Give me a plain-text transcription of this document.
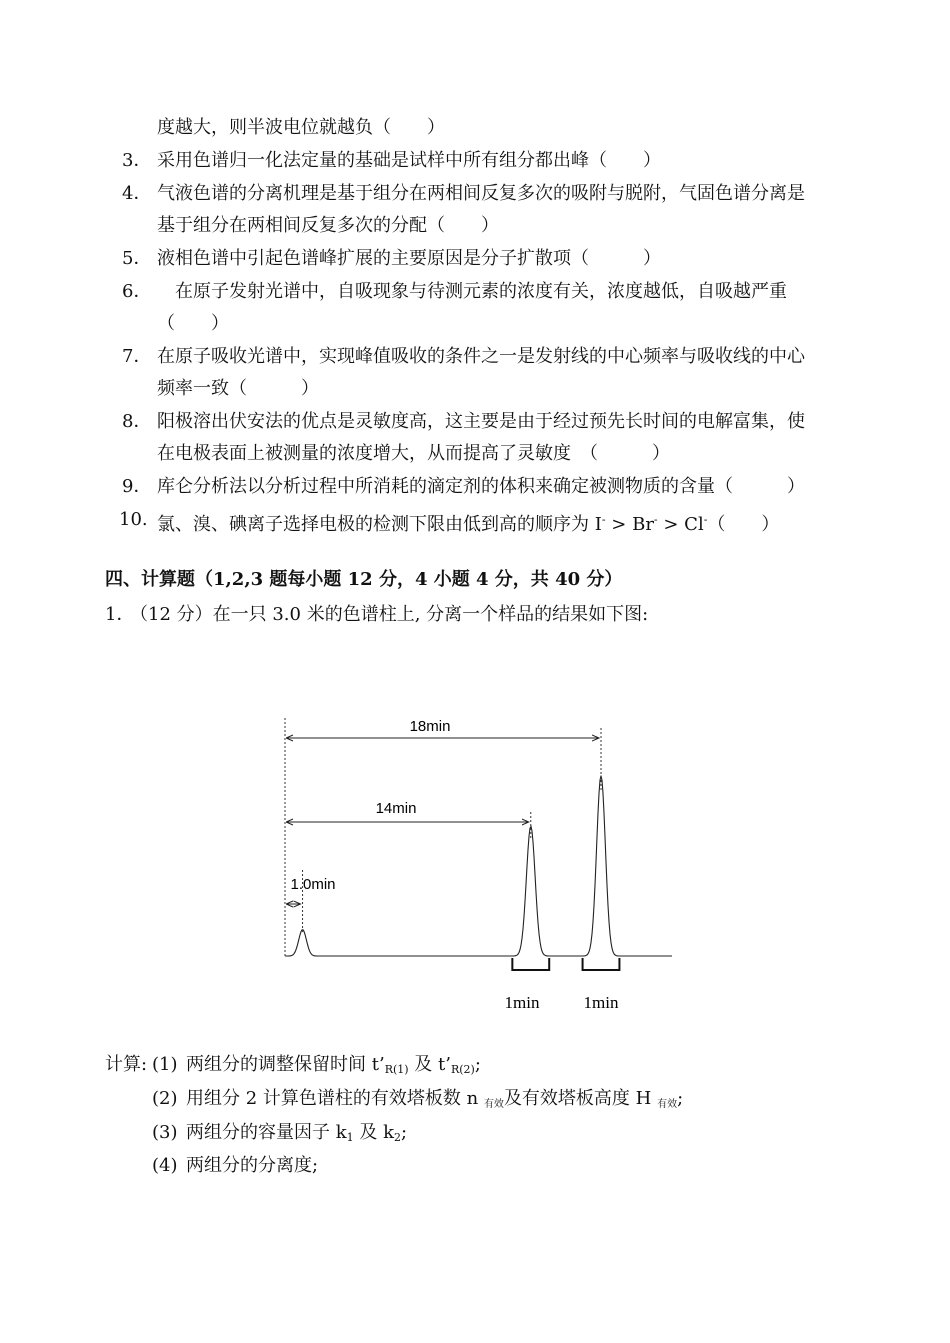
度越大，则半波电位就越负（　　）
3． 采用色谱归一化法定量的基础是试样中所有组分都出峰（　　）
4． 气液色谱的分离机理是基于组分在两相间反复多次的吸附与脱附，气固色谱分离是
基于组分在两相间反复多次的分配（　　）
5． 液相色谱中引起色谱峰扩展的主要原因是分子扩散项（　　　）
6． 　在原子发射光谱中，自吸现象与待测元素的浓度有关，浓度越低，自吸越严重
（　　）
7． 在原子吸收光谱中，实现峰值吸收的条件之一是发射线的中心频率与吸收线的中心
频率一致（　　　）
8． 阳极溶出伏安法的优点是灵敏度高，这主要是由于经过预先长时间的电解富集，使
在电极表面上被测量的浓度增大，从而提高了灵敏度　（　　　）
9． 库仑分析法以分析过程中所消耗的滴定剂的体积来确定被测物质的含量（　　　）
10. 氯、溴、碘离子选择电极的检测下限由低到高的顺序为 I- > Br- > Cl-（　　）
四、计算题（1,2,3 题每小题 12 分，4 小题 4 分，共 40 分）
1．
（12 分）在一只 3.0 米的色谱柱上, 分离一个样品的结果如下图:
18min
14min
1.0min
1min	1min
计算: (1) 两组分的调整保留时间 $t’_{R(1)}$ 及 $t’_{R(2)}$;
(2) 用组分 2 计算色谱柱的有效塔板数 n $_{有效}$及有效塔板高度 H $_{有效}$;
(3) 两组分的容量因子 $k_1$ 及 $k_2$;
(4) 两组分的分离度;
